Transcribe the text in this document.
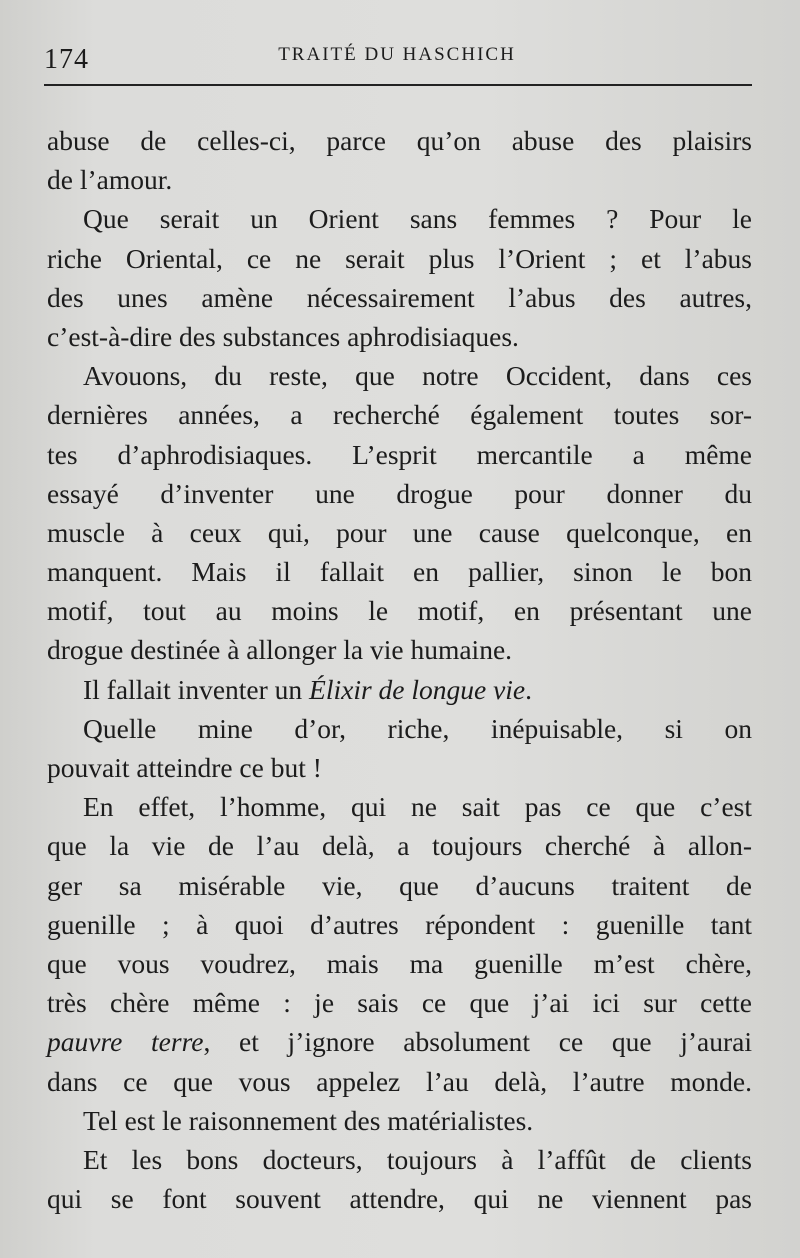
174	TRAITÉ DU HASCHICH
abuse de celles-ci, parce qu’on abuse des plaisirs
de l’amour.
Que serait un Orient sans femmes ? Pour le
riche Oriental, ce ne serait plus l’Orient ; et l’abus
des unes amène nécessairement l’abus des autres,
c’est-à-dire des substances aphrodisiaques.
Avouons, du reste, que notre Occident, dans ces
dernières années, a recherché également toutes sor-
tes d’aphrodisiaques. L’esprit mercantile a même
essayé d’inventer une drogue pour donner du
muscle à ceux qui, pour une cause quelconque, en
manquent. Mais il fallait en pallier, sinon le bon
motif, tout au moins le motif, en présentant une
drogue destinée à allonger la vie humaine.
Il fallait inventer un Élixir de longue vie.
Quelle mine d’or, riche, inépuisable, si on
pouvait atteindre ce but !
En effet, l’homme, qui ne sait pas ce que c’est
que la vie de l’au delà, a toujours cherché à allon-
ger sa misérable vie, que d’aucuns traitent de
guenille ; à quoi d’autres répondent : guenille tant
que vous voudrez, mais ma guenille m’est chère,
très chère même : je sais ce que j’ai ici sur cette
pauvre terre, et j’ignore absolument ce que j’aurai
dans ce que vous appelez l’au delà, l’autre monde.
Tel est le raisonnement des matérialistes.
Et les bons docteurs, toujours à l’affût de clients
qui se font souvent attendre, qui ne viennent pas
